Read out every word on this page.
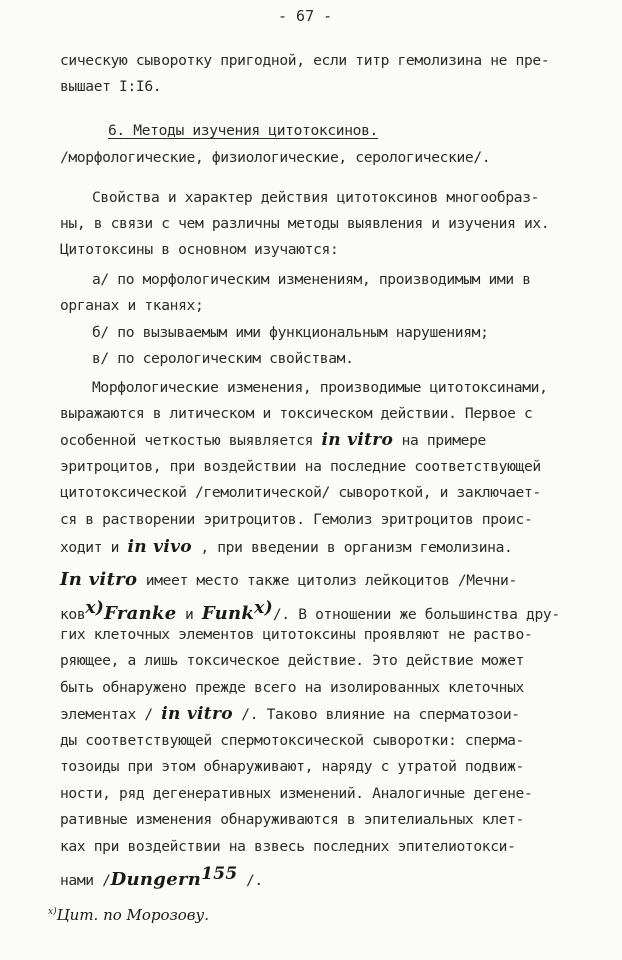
- 67 -
сическую сыворотку пригодной, если титр гемолизина не пре-
вышает I:I6.
6. Методы изучения цитотоксинов.
/морфологические, физиологические, серологические/.
Свойства и характер действия цитотоксинов многообраз-
ны, в связи с чем различны методы выявления и изучения их.
Цитотоксины в основном изучаются:
а/ по морфологическим изменениям, производимым ими в
органах и тканях;
б/ по вызываемым ими функциональным нарушениям;
в/ по серологическим свойствам.
Морфологические изменения, производимые цитотоксинами,
выражаются в литическом и токсическом действии. Первое с
особенной четкостью выявляется in vitro на примере
эритроцитов, при воздействии на последние соответствующей
цитотоксической /гемолитической/ сывороткой, и заключает-
ся в растворении эритроцитов. Гемолиз эритроцитов проис-
ходит и in vivo , при введении в организм гемолизина.
In vitro имеет место также цитолиз лейкоцитов /Мечни-
ков$^{x)}$Franke и Funk$^{x)}$/. В отношении же большинства дру-
гих клеточных элементов цитотоксины проявляют не раство-
ряющее, а лишь токсическое действие. Это действие может
быть обнаружено прежде всего на изолированных клеточных
элементах / in vitro /. Таково влияние на сперматозои-
ды соответствующей спермотоксической сыворотки: сперма-
тозоиды при этом обнаруживают, наряду с утратой подвиж-
ности, ряд дегенеративных изменений. Аналогичные дегене-
ративные изменения обнаруживаются в эпителиальных клет-
ках при воздействии на взвесь последних эпителиотокси-
нами /Dungern$^{155}$ /.
$^{x)}$Цит. по Морозову.
